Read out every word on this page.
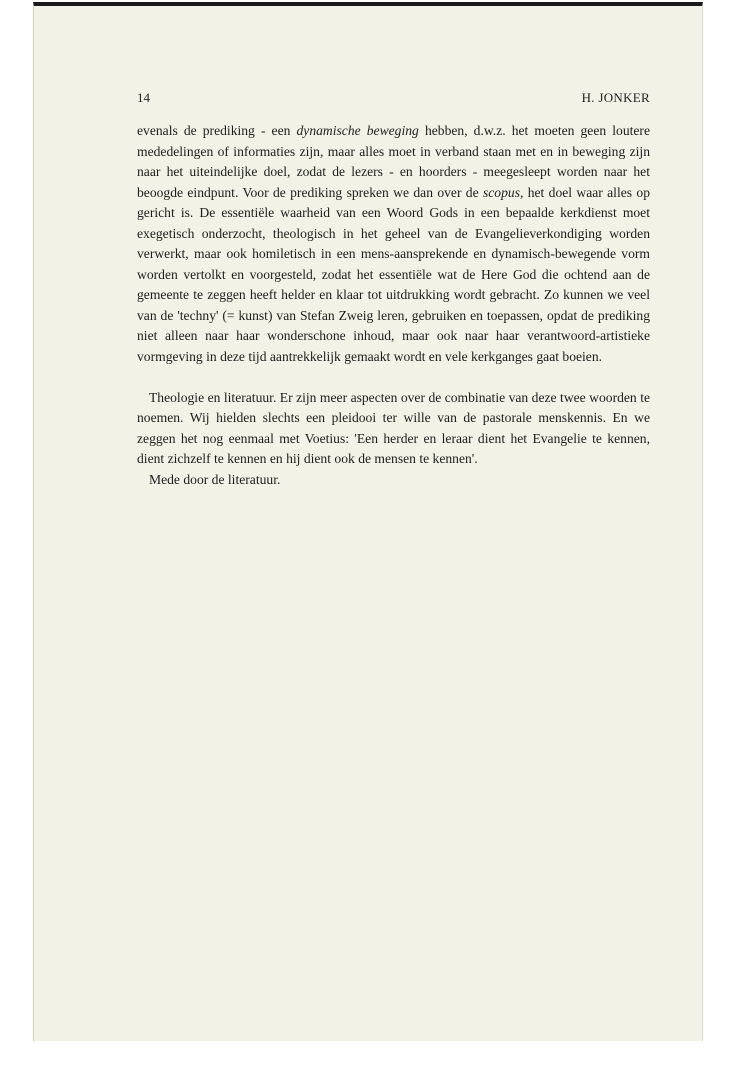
14	H. JONKER

evenals de prediking - een dynamische beweging hebben, d.w.z. het moeten geen loutere mededelingen of informaties zijn, maar alles moet in verband staan met en in beweging zijn naar het uiteindelijke doel, zodat de lezers - en hoorders - meegesleept worden naar het beoogde eindpunt. Voor de prediking spreken we dan over de scopus, het doel waar alles op gericht is. De essentiële waarheid van een Woord Gods in een bepaalde kerkdienst moet exegetisch onderzocht, theologisch in het geheel van de Evangelieverkondiging worden verwerkt, maar ook homiletisch in een mens-aansprekende en dynamisch-bewegende vorm worden vertolkt en voorgesteld, zodat het essentiële wat de Here God die ochtend aan de gemeente te zeggen heeft helder en klaar tot uitdrukking wordt gebracht. Zo kunnen we veel van de 'techny' (= kunst) van Stefan Zweig leren, gebruiken en toepassen, opdat de prediking niet alleen naar haar wonderschone inhoud, maar ook naar haar verantwoord-artistieke vormgeving in deze tijd aantrekkelijk gemaakt wordt en vele kerkganges gaat boeien.

Theologie en literatuur. Er zijn meer aspecten over de combinatie van deze twee woorden te noemen. Wij hielden slechts een pleidooi ter wille van de pastorale menskennis. En we zeggen het nog eenmaal met Voetius: 'Een herder en leraar dient het Evangelie te kennen, dient zichzelf te kennen en hij dient ook de mensen te kennen'.

Mede door de literatuur.
